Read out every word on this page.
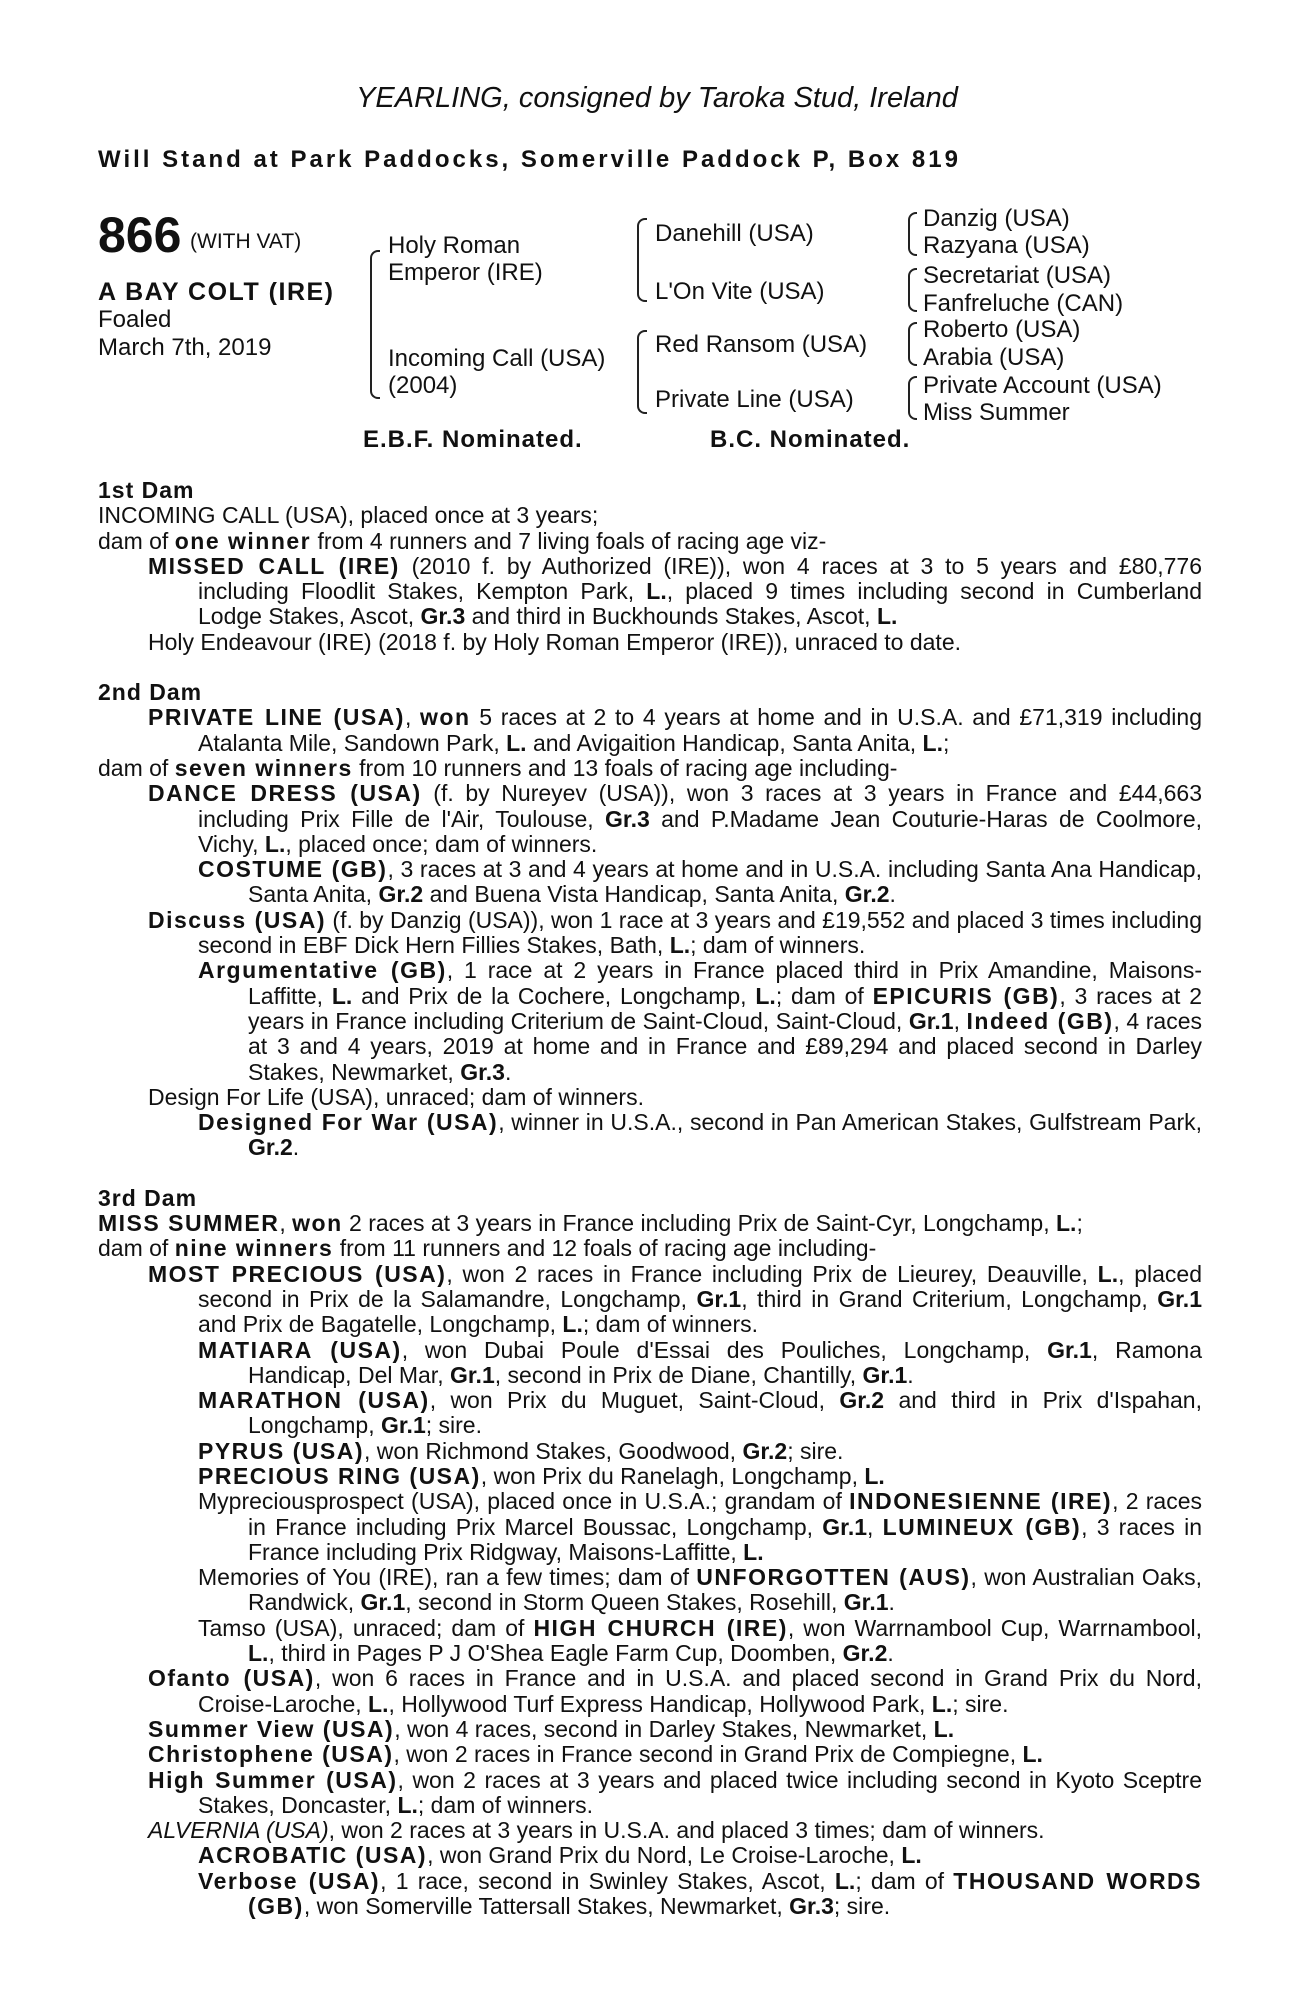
YEARLING, consigned by Taroka Stud, Ireland
Will Stand at Park Paddocks, Somerville Paddock P, Box 819
866 (WITH VAT)
A BAY COLT (IRE)
Foaled
March 7th, 2019
Holy Roman
Emperor (IRE)
Incoming Call (USA)
(2004)
Danehill (USA)
L'On Vite (USA)
Red Ransom (USA)
Private Line (USA)
Danzig (USA)
Razyana (USA)
Secretariat (USA)
Fanfreluche (CAN)
Roberto (USA)
Arabia (USA)
Private Account (USA)
Miss Summer
E.B.F. Nominated.	B.C. Nominated.
1st Dam

INCOMING CALL (USA), placed once at 3 years;

dam of one winner from 4 runners and 7 living foals of racing age viz-

MISSED CALL (IRE) (2010 f. by Authorized (IRE)), won 4 races at 3 to 5 years and £80,776 including Floodlit Stakes, Kempton Park, L., placed 9 times including second in Cumberland Lodge Stakes, Ascot, Gr.3 and third in Buckhounds Stakes, Ascot, L.

Holy Endeavour (IRE) (2018 f. by Holy Roman Emperor (IRE)), unraced to date.

2nd Dam

PRIVATE LINE (USA), won 5 races at 2 to 4 years at home and in U.S.A. and £71,319 including Atalanta Mile, Sandown Park, L. and Avigaition Handicap, Santa Anita, L.;

dam of seven winners from 10 runners and 13 foals of racing age including-

DANCE DRESS (USA) (f. by Nureyev (USA)), won 3 races at 3 years in France and £44,663 including Prix Fille de l'Air, Toulouse, Gr.3 and P.Madame Jean Couturie-Haras de Coolmore, Vichy, L., placed once; dam of winners.

COSTUME (GB), 3 races at 3 and 4 years at home and in U.S.A. including Santa Ana Handicap, Santa Anita, Gr.2 and Buena Vista Handicap, Santa Anita, Gr.2.

Discuss (USA) (f. by Danzig (USA)), won 1 race at 3 years and £19,552 and placed 3 times including second in EBF Dick Hern Fillies Stakes, Bath, L.; dam of winners.

Argumentative (GB), 1 race at 2 years in France placed third in Prix Amandine, Maisons-Laffitte, L. and Prix de la Cochere, Longchamp, L.; dam of EPICURIS (GB), 3 races at 2 years in France including Criterium de Saint-Cloud, Saint-Cloud, Gr.1, Indeed (GB), 4 races at 3 and 4 years, 2019 at home and in France and £89,294 and placed second in Darley Stakes, Newmarket, Gr.3.

Design For Life (USA), unraced; dam of winners.

Designed For War (USA), winner in U.S.A., second in Pan American Stakes, Gulfstream Park, Gr.2.

3rd Dam

MISS SUMMER, won 2 races at 3 years in France including Prix de Saint-Cyr, Longchamp, L.;

dam of nine winners from 11 runners and 12 foals of racing age including-

MOST PRECIOUS (USA), won 2 races in France including Prix de Lieurey, Deauville, L., placed second in Prix de la Salamandre, Longchamp, Gr.1, third in Grand Criterium, Longchamp, Gr.1 and Prix de Bagatelle, Longchamp, L.; dam of winners.

MATIARA (USA), won Dubai Poule d'Essai des Pouliches, Longchamp, Gr.1, Ramona Handicap, Del Mar, Gr.1, second in Prix de Diane, Chantilly, Gr.1.

MARATHON (USA), won Prix du Muguet, Saint-Cloud, Gr.2 and third in Prix d'Ispahan, Longchamp, Gr.1; sire.

PYRUS (USA), won Richmond Stakes, Goodwood, Gr.2; sire.

PRECIOUS RING (USA), won Prix du Ranelagh, Longchamp, L.

Mypreciousprospect (USA), placed once in U.S.A.; grandam of INDONESIENNE (IRE), 2 races in France including Prix Marcel Boussac, Longchamp, Gr.1, LUMINEUX (GB), 3 races in France including Prix Ridgway, Maisons-Laffitte, L.

Memories of You (IRE), ran a few times; dam of UNFORGOTTEN (AUS), won Australian Oaks, Randwick, Gr.1, second in Storm Queen Stakes, Rosehill, Gr.1.

Tamso (USA), unraced; dam of HIGH CHURCH (IRE), won Warrnambool Cup, Warrnambool, L., third in Pages P J O'Shea Eagle Farm Cup, Doomben, Gr.2.

Ofanto (USA), won 6 races in France and in U.S.A. and placed second in Grand Prix du Nord, Croise-Laroche, L., Hollywood Turf Express Handicap, Hollywood Park, L.; sire.

Summer View (USA), won 4 races, second in Darley Stakes, Newmarket, L.

Christophene (USA), won 2 races in France second in Grand Prix de Compiegne, L.

High Summer (USA), won 2 races at 3 years and placed twice including second in Kyoto Sceptre Stakes, Doncaster, L.; dam of winners.

ALVERNIA (USA), won 2 races at 3 years in U.S.A. and placed 3 times; dam of winners.

ACROBATIC (USA), won Grand Prix du Nord, Le Croise-Laroche, L.

Verbose (USA), 1 race, second in Swinley Stakes, Ascot, L.; dam of THOUSAND WORDS (GB), won Somerville Tattersall Stakes, Newmarket, Gr.3; sire.
